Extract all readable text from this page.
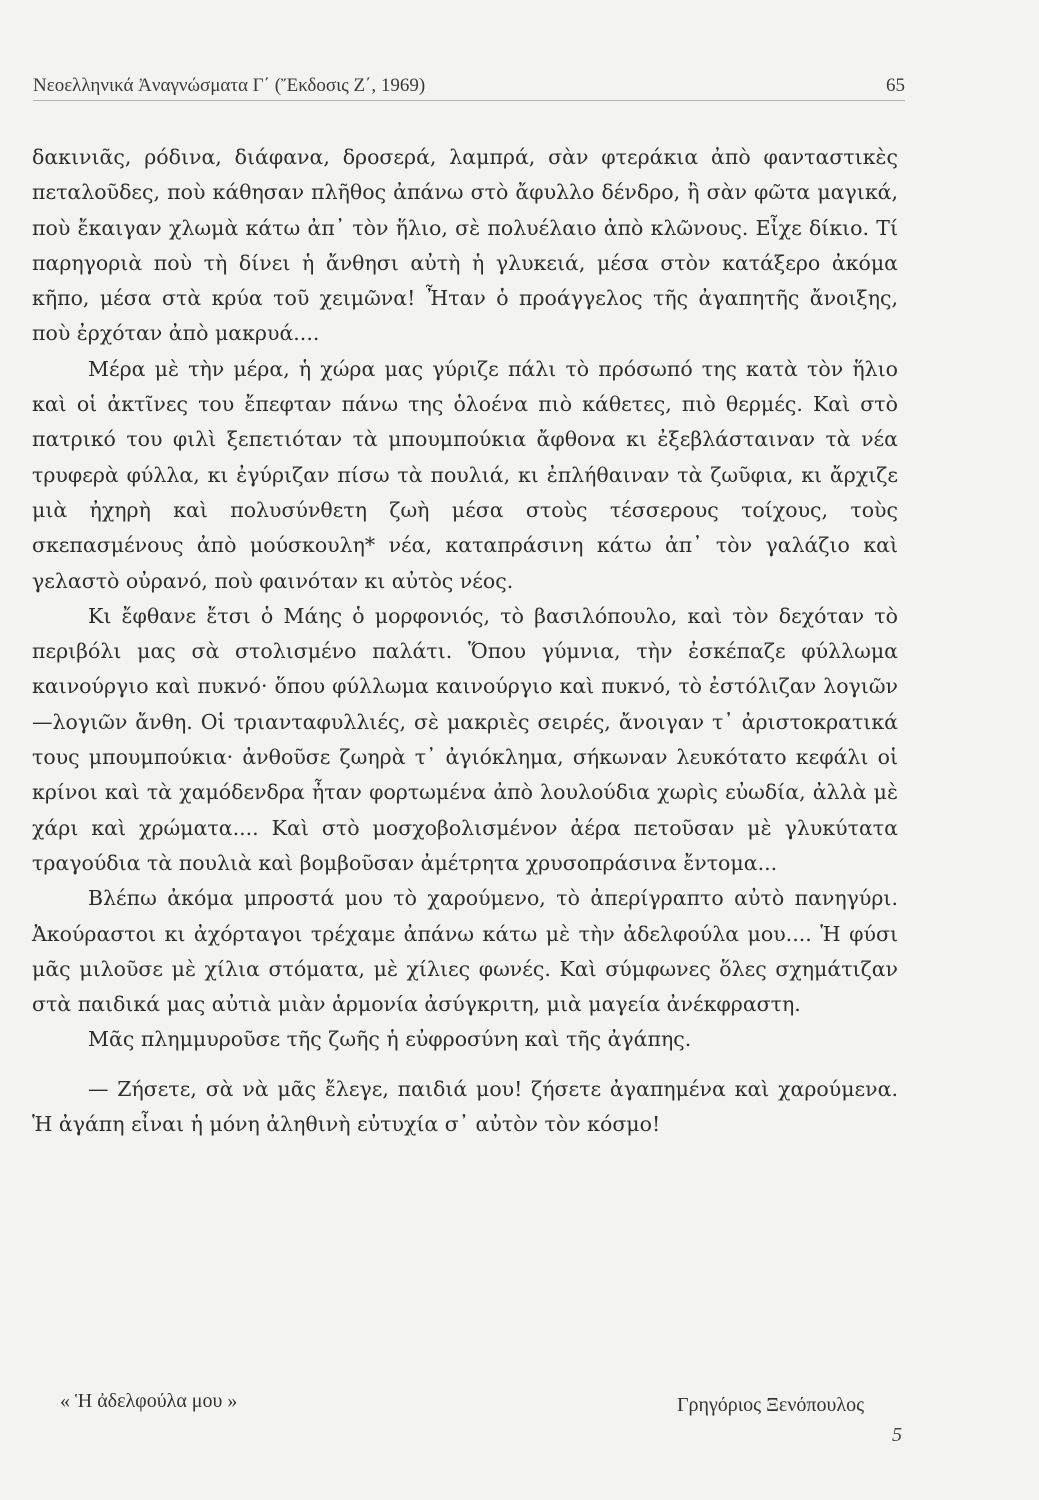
Νεοελληνικά Ἀναγνώσματα Γ΄ (Ἔκδοσις Ζ΄, 1969)	65

δακινιᾶς, ρόδινα, διάφανα, δροσερά, λαμπρά, σὰν φτεράκια ἀπὸ φανταστικὲς πεταλοῦδες, ποὺ κάθησαν πλῆθος ἀπάνω στὸ ἄφυλλο δένδρο, ἢ σὰν φῶτα μαγικά, ποὺ ἔκαιγαν χλωμὰ κάτω ἀπ᾿ τὸν ἥλιο, σὲ πολυέλαιο ἀπὸ κλῶνους. Εἶχε δίκιο. Τί παρηγοριὰ ποὺ τὴ δίνει ἡ ἄνθησι αὐτὴ ἡ γλυκειά, μέσα στὸν κατάξερο ἀκόμα κῆπο, μέσα στὰ κρύα τοῦ χειμῶνα! Ἦταν ὁ προάγγελος τῆς ἀγαπητῆς ἄνοιξης, ποὺ ἐρχόταν ἀπὸ μακρυά....

Μέρα μὲ τὴν μέρα, ἡ χώρα μας γύριζε πάλι τὸ πρόσωπό της κατὰ τὸν ἥλιο καὶ οἱ ἀκτῖνες του ἔπεφταν πάνω της ὁλοένα πιὸ κάθετες, πιὸ θερμές. Καὶ στὸ πατρικό του φιλὶ ξεπετιόταν τὰ μπουμπούκια ἄφθονα κι ἐξεβλάσταιναν τὰ νέα τρυφερὰ φύλλα, κι ἐγύριζαν πίσω τὰ πουλιά, κι ἐπλήθαιναν τὰ ζωῦφια, κι ἄρχιζε μιὰ ἠχηρὴ καὶ πολυσύνθετη ζωὴ μέσα στοὺς τέσσερους τοίχους, τοὺς σκεπασμένους ἀπὸ μούσκουλη* νέα, καταπράσινη κάτω ἀπ᾿ τὸν γαλάζιο καὶ γελαστὸ οὐρανό, ποὺ φαινόταν κι αὐτὸς νέος.

Κι ἔφθανε ἔτσι ὁ Μάης ὁ μορφονιός, τὸ βασιλόπουλο, καὶ τὸν δεχόταν τὸ περιβόλι μας σὰ στολισμένο παλάτι. Ὅπου γύμνια, τὴν ἐσκέπαζε φύλλωμα καινούργιο καὶ πυκνό· ὅπου φύλλωμα καινούργιο καὶ πυκνό, τὸ ἐστόλιζαν λογιῶν—λογιῶν ἄνθη. Οἱ τριανταφυλλιές, σὲ μακριὲς σειρές, ἄνοιγαν τ᾿ ἀριστοκρατικά τους μπουμπούκια· ἀνθοῦσε ζωηρὰ τ᾿ ἀγιόκλημα, σήκωναν λευκότατο κεφάλι οἱ κρίνοι καὶ τὰ χαμόδενδρα ἦταν φορτωμένα ἀπὸ λουλούδια χωρὶς εὐωδία, ἀλλὰ μὲ χάρι καὶ χρώματα.... Καὶ στὸ μοσχοβολισμένον ἀέρα πετοῦσαν μὲ γλυκύτατα τραγούδια τὰ πουλιὰ καὶ βομβοῦσαν ἀμέτρητα χρυσοπράσινα ἔντομα...

Βλέπω ἀκόμα μπροστά μου τὸ χαρούμενο, τὸ ἀπερίγραπτο αὐτὸ πανηγύρι. Ἀκούραστοι κι ἀχόρταγοι τρέχαμε ἀπάνω κάτω μὲ τὴν ἀδελφούλα μου.... Ἡ φύσι μᾶς μιλοῦσε μὲ χίλια στόματα, μὲ χίλιες φωνές. Καὶ σύμφωνες ὅλες σχημάτιζαν στὰ παιδικά μας αὐτιὰ μιὰν ἁρμονία ἀσύγκριτη, μιὰ μαγεία ἀνέκφραστη.

Μᾶς πλημμυροῦσε τῆς ζωῆς ἡ εὐφροσύνη καὶ τῆς ἀγάπης.

— Ζήσετε, σὰ νὰ μᾶς ἔλεγε, παιδιά μου! ζήσετε ἀγαπημένα καὶ χαρούμενα. Ἡ ἀγάπη εἶναι ἡ μόνη ἀληθινὴ εὐτυχία σ᾿ αὐτὸν τὸν κόσμο!

« Ἡ ἀδελφούλα μου »	Γρηγόριος Ξενόπουλος
5
